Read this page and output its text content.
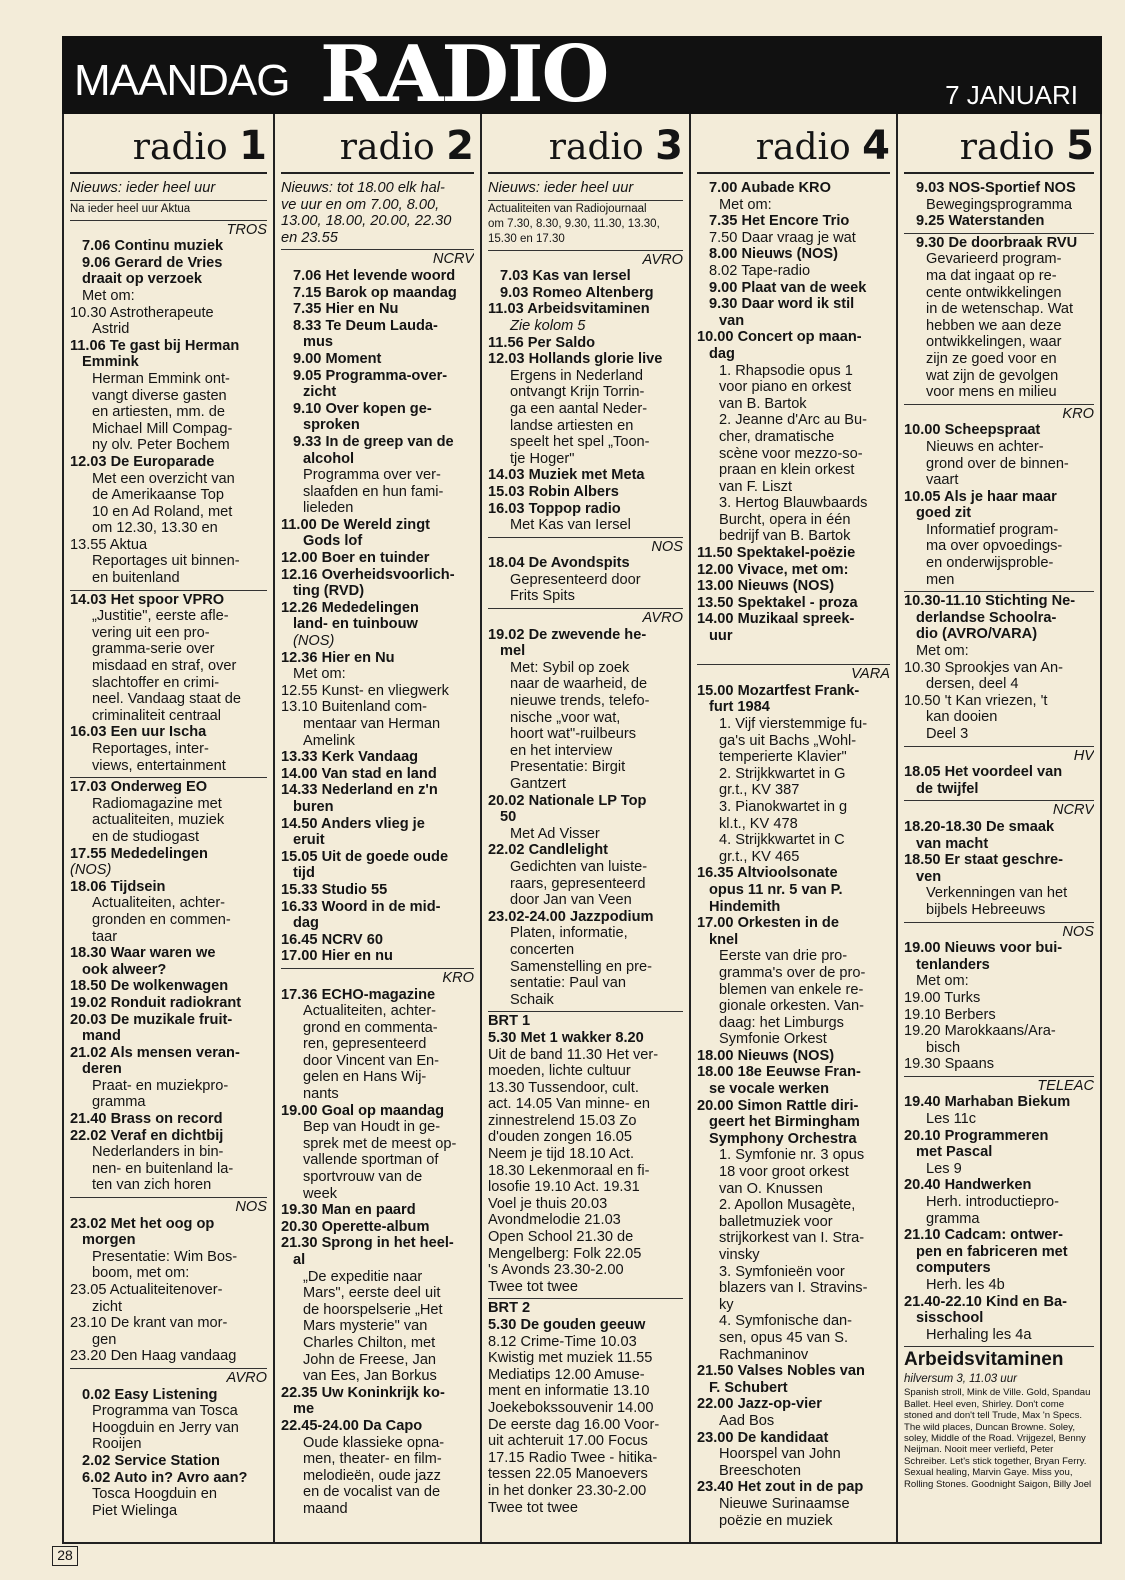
MAANDAG RADIO	7 JANUARI
radio 1
Nieuws: ieder heel uur
Na ieder heel uur Aktua
TROS
7.06 Continu muziek
9.06 Gerard de Vries
draait op verzoek
Met om:
10.30 Astrotherapeute
Astrid
11.06 Te gast bij Herman
Emmink
Herman Emmink ont-
vangt diverse gasten
en artiesten, mm. de
Michael Mill Compag-
ny olv. Peter Bochem
12.03 De Europarade
Met een overzicht van
de Amerikaanse Top
10 en Ad Roland, met
om 12.30, 13.30 en
13.55 Aktua
Reportages uit binnen-
en buitenland
14.03 Het spoor VPRO
„Justitie", eerste afle-
vering uit een pro-
gramma-serie over
misdaad en straf, over
slachtoffer en crimi-
neel. Vandaag staat de
criminaliteit centraal
16.03 Een uur Ischa
Reportages, inter-
views, entertainment
17.03 Onderweg EO
Radiomagazine met
actualiteiten, muziek
en de studiogast
17.55 Mededelingen
(NOS)
18.06 Tijdsein
Actualiteiten, achter-
gronden en commen-
taar
18.30 Waar waren we
ook alweer?
18.50 De wolkenwagen
19.02 Ronduit radiokrant
20.03 De muzikale fruit-
mand
21.02 Als mensen veran-
deren
Praat- en muziekpro-
gramma
21.40 Brass on record
22.02 Veraf en dichtbij
Nederlanders in bin-
nen- en buitenland la-
ten van zich horen
NOS
23.02 Met het oog op
morgen
Presentatie: Wim Bos-
boom, met om:
23.05 Actualiteitenover-
zicht
23.10 De krant van mor-
gen
23.20 Den Haag vandaag
AVRO
0.02 Easy Listening
Programma van Tosca
Hoogduin en Jerry van
Rooijen
2.02 Service Station
6.02 Auto in? Avro aan?
Tosca Hoogduin en
Piet Wielinga
radio 2
Nieuws: tot 18.00 elk hal-
ve uur en om 7.00, 8.00,
13.00, 18.00, 20.00, 22.30
en 23.55
NCRV
7.06 Het levende woord
7.15 Barok op maandag
7.35 Hier en Nu
8.33 Te Deum Lauda-
mus
9.00 Moment
9.05 Programma-over-
zicht
9.10 Over kopen ge-
sproken
9.33 In de greep van de
alcohol
Programma over ver-
slaafden en hun fami-
lieleden
11.00 De Wereld zingt
Gods lof
12.00 Boer en tuinder
12.16 Overheidsvoorlich-
ting (RVD)
12.26 Mededelingen
land- en tuinbouw
(NOS)
12.36 Hier en Nu
Met om:
12.55 Kunst- en vliegwerk
13.10 Buitenland com-
mentaar van Herman
Amelink
13.33 Kerk Vandaag
14.00 Van stad en land
14.33 Nederland en z'n
buren
14.50 Anders vlieg je
eruit
15.05 Uit de goede oude
tijd
15.33 Studio 55
16.33 Woord in de mid-
dag
16.45 NCRV 60
17.00 Hier en nu
KRO
17.36 ECHO-magazine
Actualiteiten, achter-
grond en commenta-
ren, gepresenteerd
door Vincent van En-
gelen en Hans Wij-
nants
19.00 Goal op maandag
Bep van Houdt in ge-
sprek met de meest op-
vallende sportman of
sportvrouw van de
week
19.30 Man en paard
20.30 Operette-album
21.30 Sprong in het heel-
al
„De expeditie naar
Mars", eerste deel uit
de hoorspelserie „Het
Mars mysterie" van
Charles Chilton, met
John de Freese, Jan
van Ees, Jan Borkus
22.35 Uw Koninkrijk ko-
me
22.45-24.00 Da Capo
Oude klassieke opna-
men, theater- en film-
melodieën, oude jazz
en de vocalist van de
maand
radio 3
Nieuws: ieder heel uur
Actualiteiten van Radiojournaal
om 7.30, 8.30, 9.30, 11.30, 13.30,
15.30 en 17.30
AVRO
7.03 Kas van Iersel
9.03 Romeo Altenberg
11.03 Arbeidsvitaminen
Zie kolom 5
11.56 Per Saldo
12.03 Hollands glorie live
Ergens in Nederland
ontvangt Krijn Torrin-
ga een aantal Neder-
landse artiesten en
speelt het spel „Toon-
tje Hoger"
14.03 Muziek met Meta
15.03 Robin Albers
16.03 Toppop radio
Met Kas van Iersel
NOS
18.04 De Avondspits
Gepresenteerd door
Frits Spits
AVRO
19.02 De zwevende he-
mel
Met: Sybil op zoek
naar de waarheid, de
nieuwe trends, telefo-
nische „voor wat,
hoort wat"-ruilbeurs
en het interview
Presentatie: Birgit
Gantzert
20.02 Nationale LP Top
50
Met Ad Visser
22.02 Candlelight
Gedichten van luiste-
raars, gepresenteerd
door Jan van Veen
23.02-24.00 Jazzpodium
Platen, informatie,
concerten
Samenstelling en pre-
sentatie: Paul van
Schaik
BRT 1
5.30 Met 1 wakker 8.20
Uit de band 11.30 Het ver-
moeden, lichte cultuur
13.30 Tussendoor, cult.
act. 14.05 Van minne- en
zinnestrelend 15.03 Zo
d'ouden zongen 16.05
Neem je tijd 18.10 Act.
18.30 Lekenmoraal en fi-
losofie 19.10 Act. 19.31
Voel je thuis 20.03
Avondmelodie 21.03
Open School 21.30 de
Mengelberg: Folk 22.05
's Avonds 23.30-2.00
Twee tot twee
BRT 2
5.30 De gouden geeuw
8.12 Crime-Time 10.03
Kwistig met muziek 11.55
Mediatips 12.00 Amuse-
ment en informatie 13.10
Joekebokssouvenir 14.00
De eerste dag 16.00 Voor-
uit achteruit 17.00 Focus
17.15 Radio Twee - hitika-
tessen 22.05 Manoevers
in het donker 23.30-2.00
Twee tot twee
radio 4
7.00 Aubade KRO
Met om:
7.35 Het Encore Trio
7.50 Daar vraag je wat
8.00 Nieuws (NOS)
8.02 Tape-radio
9.00 Plaat van de week
9.30 Daar word ik stil
van
10.00 Concert op maan-
dag
1. Rhapsodie opus 1
voor piano en orkest
van B. Bartok
2. Jeanne d'Arc au Bu-
cher, dramatische
scène voor mezzo-so-
praan en klein orkest
van F. Liszt
3. Hertog Blauwbaards
Burcht, opera in één
bedrijf van B. Bartok
11.50 Spektakel-poëzie
12.00 Vivace, met om:
13.00 Nieuws (NOS)
13.50 Spektakel - proza
14.00 Muzikaal spreek-
uur

VARA
15.00 Mozartfest Frank-
furt 1984
1. Vijf vierstemmige fu-
ga's uit Bachs „Wohl-
temperierte Klavier"
2. Strijkkwartet in G
gr.t., KV 387
3. Pianokwartet in g
kl.t., KV 478
4. Strijkkwartet in C
gr.t., KV 465
16.35 Altvioolsonate
opus 11 nr. 5 van P.
Hindemith
17.00 Orkesten in de
knel
Eerste van drie pro-
gramma's over de pro-
blemen van enkele re-
gionale orkesten. Van-
daag: het Limburgs
Symfonie Orkest
18.00 Nieuws (NOS)
18.00 18e Eeuwse Fran-
se vocale werken
20.00 Simon Rattle diri-
geert het Birmingham
Symphony Orchestra
1. Symfonie nr. 3 opus
18 voor groot orkest
van O. Knussen
2. Apollon Musagète,
balletmuziek voor
strijkorkest van I. Stra-
vinsky
3. Symfonieën voor
blazers van I. Stravins-
ky
4. Symfonische dan-
sen, opus 45 van S.
Rachmaninov
21.50 Valses Nobles van
F. Schubert
22.00 Jazz-op-vier
Aad Bos
23.00 De kandidaat
Hoorspel van John
Breeschoten
23.40 Het zout in de pap
Nieuwe Surinaamse
poëzie en muziek
radio 5
9.03 NOS-Sportief NOS
Bewegingsprogramma
9.25 Waterstanden
9.30 De doorbraak RVU
Gevarieerd program-
ma dat ingaat op re-
cente ontwikkelingen
in de wetenschap. Wat
hebben we aan deze
ontwikkelingen, waar
zijn ze goed voor en
wat zijn de gevolgen
voor mens en milieu
KRO
10.00 Scheepspraat
Nieuws en achter-
grond over de binnen-
vaart
10.05 Als je haar maar
goed zit
Informatief program-
ma over opvoedings-
en onderwijsproble-
men
10.30-11.10 Stichting Ne-
derlandse Schoolra-
dio (AVRO/VARA)
Met om:
10.30 Sprookjes van An-
dersen, deel 4
10.50 't Kan vriezen, 't
kan dooien
Deel 3
HV
18.05 Het voordeel van
de twijfel
NCRV
18.20-18.30 De smaak
van macht
18.50 Er staat geschre-
ven
Verkenningen van het
bijbels Hebreeuws
NOS
19.00 Nieuws voor bui-
tenlanders
Met om:
19.00 Turks
19.10 Berbers
19.20 Marokkaans/Ara-
bisch
19.30 Spaans
TELEAC
19.40 Marhaban Biekum
Les 11c
20.10 Programmeren
met Pascal
Les 9
20.40 Handwerken
Herh. introductiepro-
gramma
21.10 Cadcam: ontwer-
pen en fabriceren met
computers
Herh. les 4b
21.40-22.10 Kind en Ba-
sisschool
Herhaling les 4a
Arbeidsvitaminen
hilversum 3, 11.03 uur
Spanish stroll, Mink de Ville. Gold, Spandau Ballet. Heel even, Shirley. Don't come stoned and don't tell Trude, Max 'n Specs. The wild places, Duncan Browne. Soley, soley, Middle of the Road. Vrijgezel, Benny Neijman. Nooit meer verliefd, Peter Schreiber. Let's stick together, Bryan Ferry. Sexual healing, Marvin Gaye. Miss you, Rolling Stones. Goodnight Saigon, Billy Joel
28
